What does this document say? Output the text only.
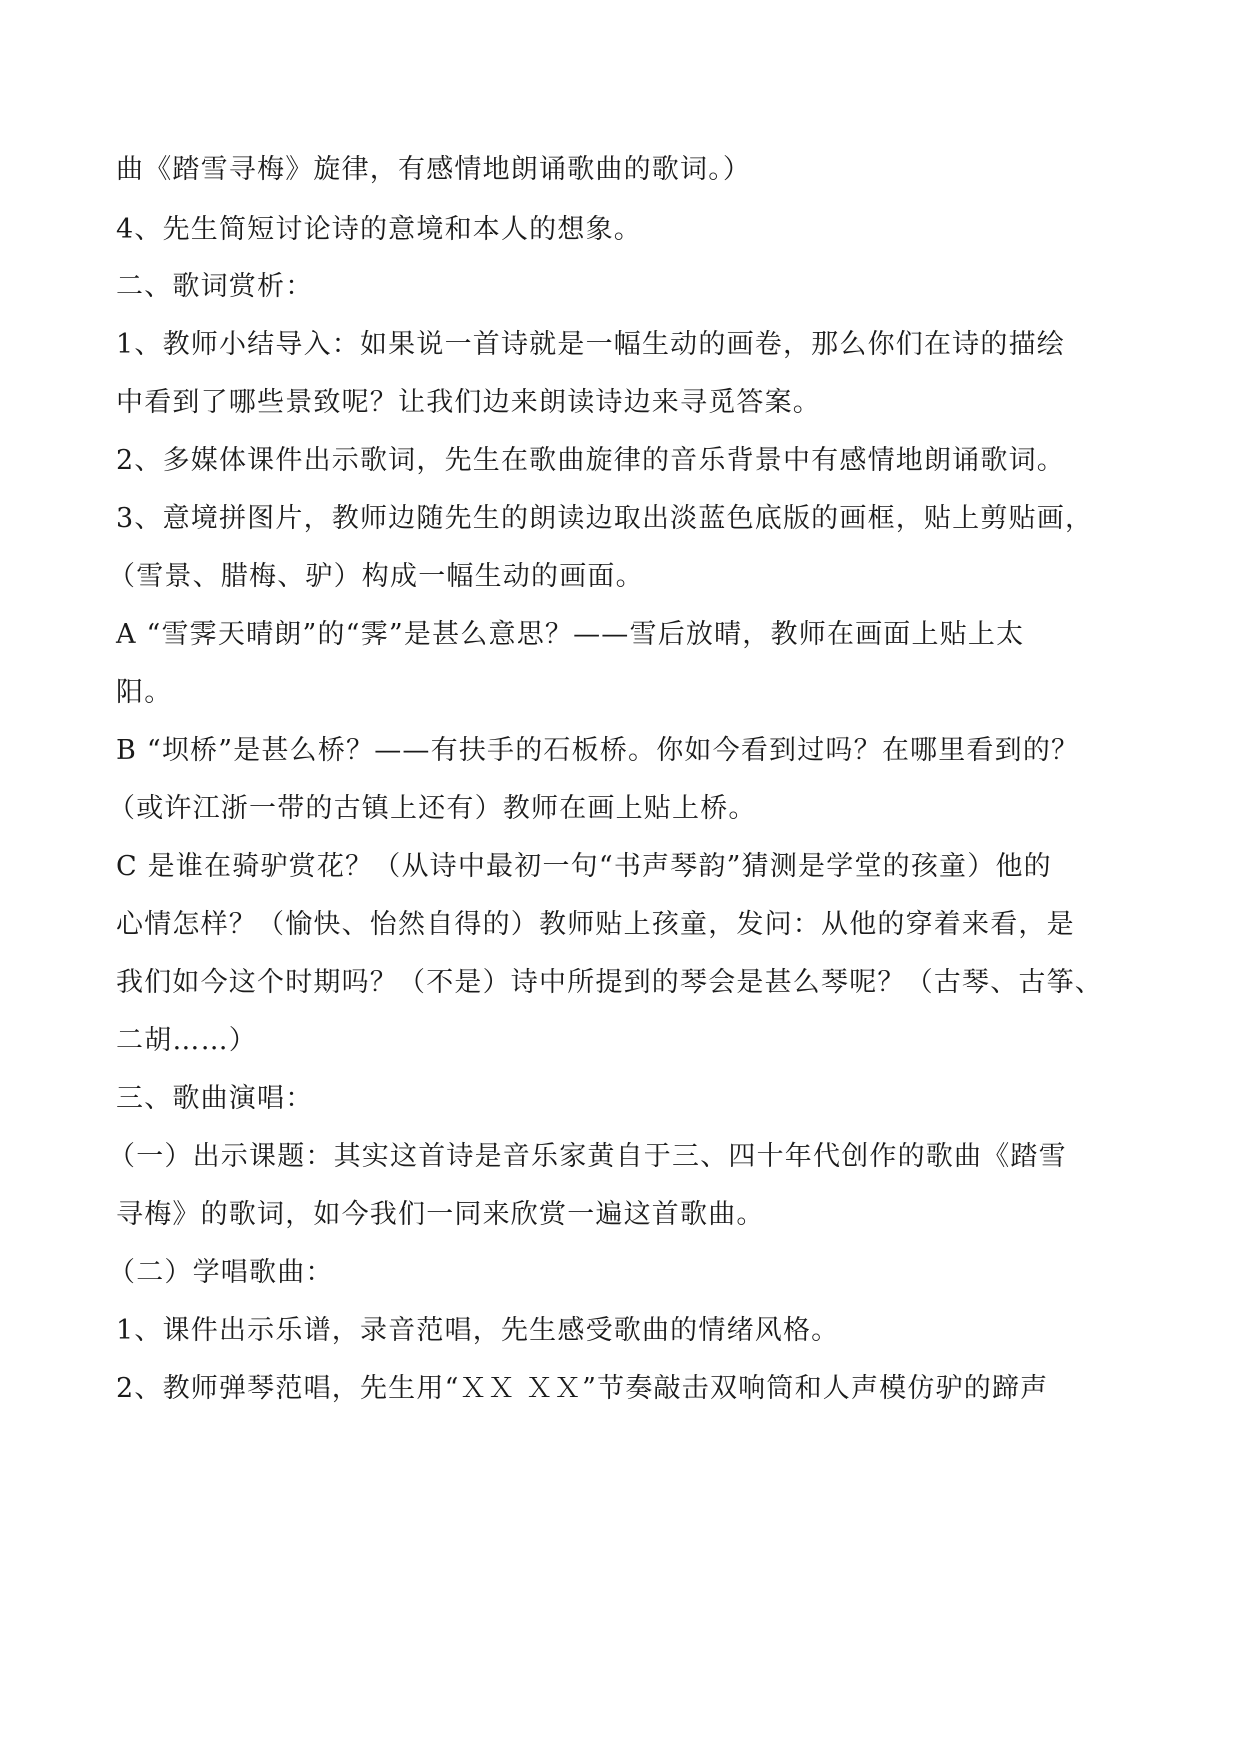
曲《踏雪寻梅》旋律，有感情地朗诵歌曲的歌词。）
4、先生简短讨论诗的意境和本人的想象。
二、歌词赏析：
1、教师小结导入：如果说一首诗就是一幅生动的画卷，那么你们在诗的描绘
中看到了哪些景致呢？让我们边来朗读诗边来寻觅答案。
2、多媒体课件出示歌词，先生在歌曲旋律的音乐背景中有感情地朗诵歌词。
3、意境拼图片，教师边随先生的朗读边取出淡蓝色底版的画框，贴上剪贴画，
（雪景、腊梅、驴）构成一幅生动的画面。
A “雪霁天晴朗”的“霁”是甚么意思？——雪后放晴，教师在画面上贴上太
阳。
B “坝桥”是甚么桥？——有扶手的石板桥。你如今看到过吗？在哪里看到的？
（或许江浙一带的古镇上还有）教师在画上贴上桥。
C 是谁在骑驴赏花？（从诗中最初一句“书声琴韵”猜测是学堂的孩童）他的
心情怎样？（愉快、怡然自得的）教师贴上孩童，发问：从他的穿着来看，是
我们如今这个时期吗？（不是）诗中所提到的琴会是甚么琴呢？（古琴、古筝、
二胡……）
三、歌曲演唱：
（一）出示课题：其实这首诗是音乐家黄自于三、四十年代创作的歌曲《踏雪
寻梅》的歌词，如今我们一同来欣赏一遍这首歌曲。
（二）学唱歌曲：
1、课件出示乐谱，录音范唱，先生感受歌曲的情绪风格。
2、教师弹琴范唱，先生用“ＸＸ ＸＸ”节奏敲击双响筒和人声模仿驴的蹄声
